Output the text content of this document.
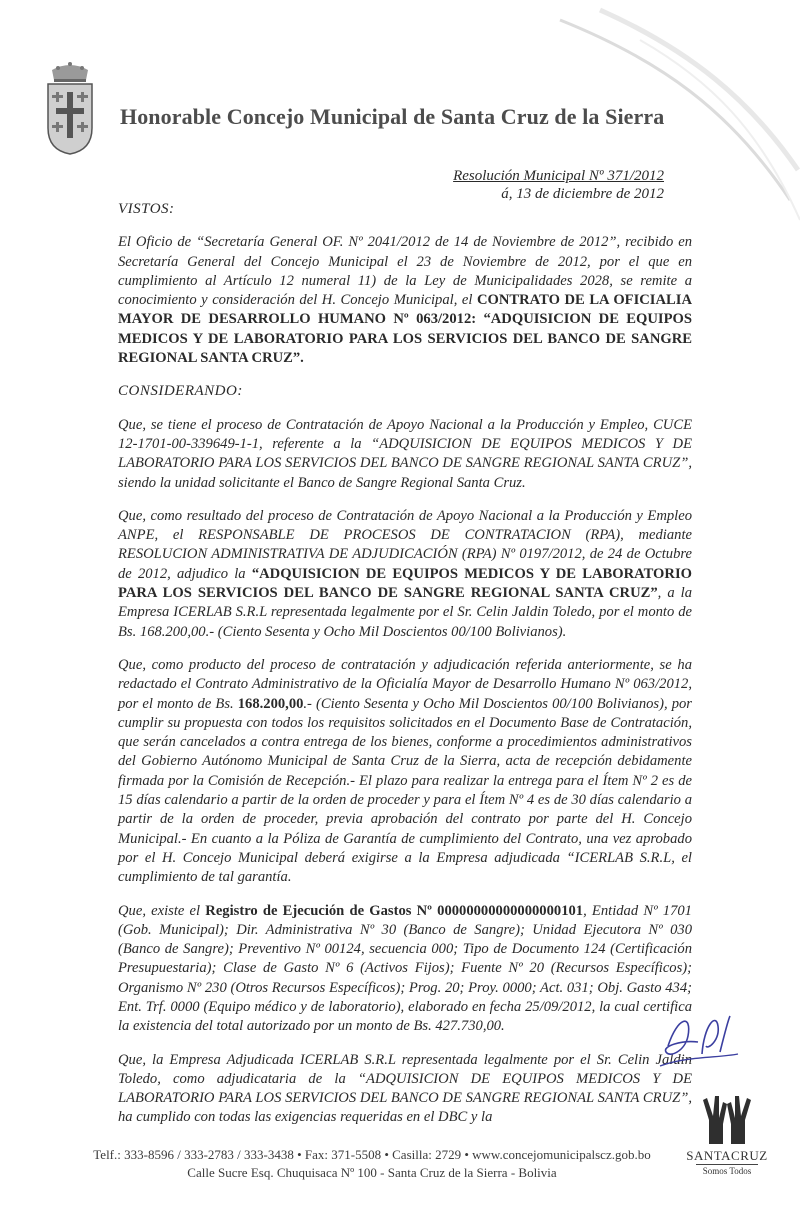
Honorable Concejo Municipal de Santa Cruz de la Sierra
Resolución Municipal Nº 371/2012
á, 13 de diciembre de 2012

VISTOS:

El Oficio de “Secretaría General OF. Nº 2041/2012 de 14 de Noviembre de 2012”, recibido en Secretaría General del Concejo Municipal el 23 de Noviembre de 2012, por el que en cumplimiento al Artículo 12 numeral 11) de la Ley de Municipalidades 2028, se remite a conocimiento y consideración del H. Concejo Municipal, el CONTRATO DE LA OFICIALIA MAYOR DE DESARROLLO HUMANO Nº 063/2012: “ADQUISICION DE EQUIPOS MEDICOS Y DE LABORATORIO PARA LOS SERVICIOS DEL BANCO DE SANGRE REGIONAL SANTA CRUZ”.

CONSIDERANDO:

Que, se tiene el proceso de Contratación de Apoyo Nacional a la Producción y Empleo, CUCE 12-1701-00-339649-1-1, referente a la “ADQUISICION DE EQUIPOS MEDICOS Y DE LABORATORIO PARA LOS SERVICIOS DEL BANCO DE SANGRE REGIONAL SANTA CRUZ”, siendo la unidad solicitante el Banco de Sangre Regional Santa Cruz.

Que, como resultado del proceso de Contratación de Apoyo Nacional a la Producción y Empleo ANPE, el RESPONSABLE DE PROCESOS DE CONTRATACION (RPA), mediante RESOLUCION ADMINISTRATIVA DE ADJUDICACIÓN (RPA) Nº 0197/2012, de 24 de Octubre de 2012, adjudico la “ADQUISICION DE EQUIPOS MEDICOS Y DE LABORATORIO PARA LOS SERVICIOS DEL BANCO DE SANGRE REGIONAL SANTA CRUZ”, a la Empresa ICERLAB S.R.L representada legalmente por el Sr. Celin Jaldin Toledo, por el monto de Bs. 168.200,00.- (Ciento Sesenta y Ocho Mil Doscientos 00/100 Bolivianos).

Que, como producto del proceso de contratación y adjudicación referida anteriormente, se ha redactado el Contrato Administrativo de la Oficialía Mayor de Desarrollo Humano Nº 063/2012, por el monto de Bs. 168.200,00.- (Ciento Sesenta y Ocho Mil Doscientos 00/100 Bolivianos), por cumplir su propuesta con todos los requisitos solicitados en el Documento Base de Contratación, que serán cancelados a contra entrega de los bienes, conforme a procedimientos administrativos del Gobierno Autónomo Municipal de Santa Cruz de la Sierra, acta de recepción debidamente firmada por la Comisión de Recepción.- El plazo para realizar la entrega para el Ítem Nº 2 es de 15 días calendario a partir de la orden de proceder y para el Ítem Nº 4 es de 30 días calendario a partir de la orden de proceder, previa aprobación del contrato por parte del H. Concejo Municipal.- En cuanto a la Póliza de Garantía de cumplimiento del Contrato, una vez aprobado por el H. Concejo Municipal deberá exigirse a la Empresa adjudicada “ICERLAB S.R.L, el cumplimiento de tal garantía.

Que, existe el Registro de Ejecución de Gastos Nº 00000000000000000101, Entidad Nº 1701 (Gob. Municipal); Dir. Administrativa Nº 30 (Banco de Sangre); Unidad Ejecutora Nº 030 (Banco de Sangre); Preventivo Nº 00124, secuencia 000; Tipo de Documento 124 (Certificación Presupuestaria); Clase de Gasto Nº 6 (Activos Fijos); Fuente Nº 20 (Recursos Específicos); Organismo Nº 230 (Otros Recursos Específicos); Prog. 20; Proy. 0000; Act. 031; Obj. Gasto 434; Ent. Trf. 0000 (Equipo médico y de laboratorio), elaborado en fecha 25/09/2012, la cual certifica la existencia del total autorizado por un monto de Bs. 427.730,00.

Que, la Empresa Adjudicada ICERLAB S.R.L representada legalmente por el Sr. Celin Jaldin Toledo, como adjudicataria de la “ADQUISICION DE EQUIPOS MEDICOS Y DE LABORATORIO PARA LOS SERVICIOS DEL BANCO DE SANGRE REGIONAL SANTA CRUZ”, ha cumplido con todas las exigencias requeridas en el DBC y la

Telf.: 333-8596 / 333-2783 / 333-3438 • Fax: 371-5508 • Casilla: 2729 • www.concejomunicipalscz.gob.bo
Calle Sucre Esq. Chuquisaca Nº 100 - Santa Cruz de la Sierra - Bolivia
SANTACRUZ
Somos Todos
